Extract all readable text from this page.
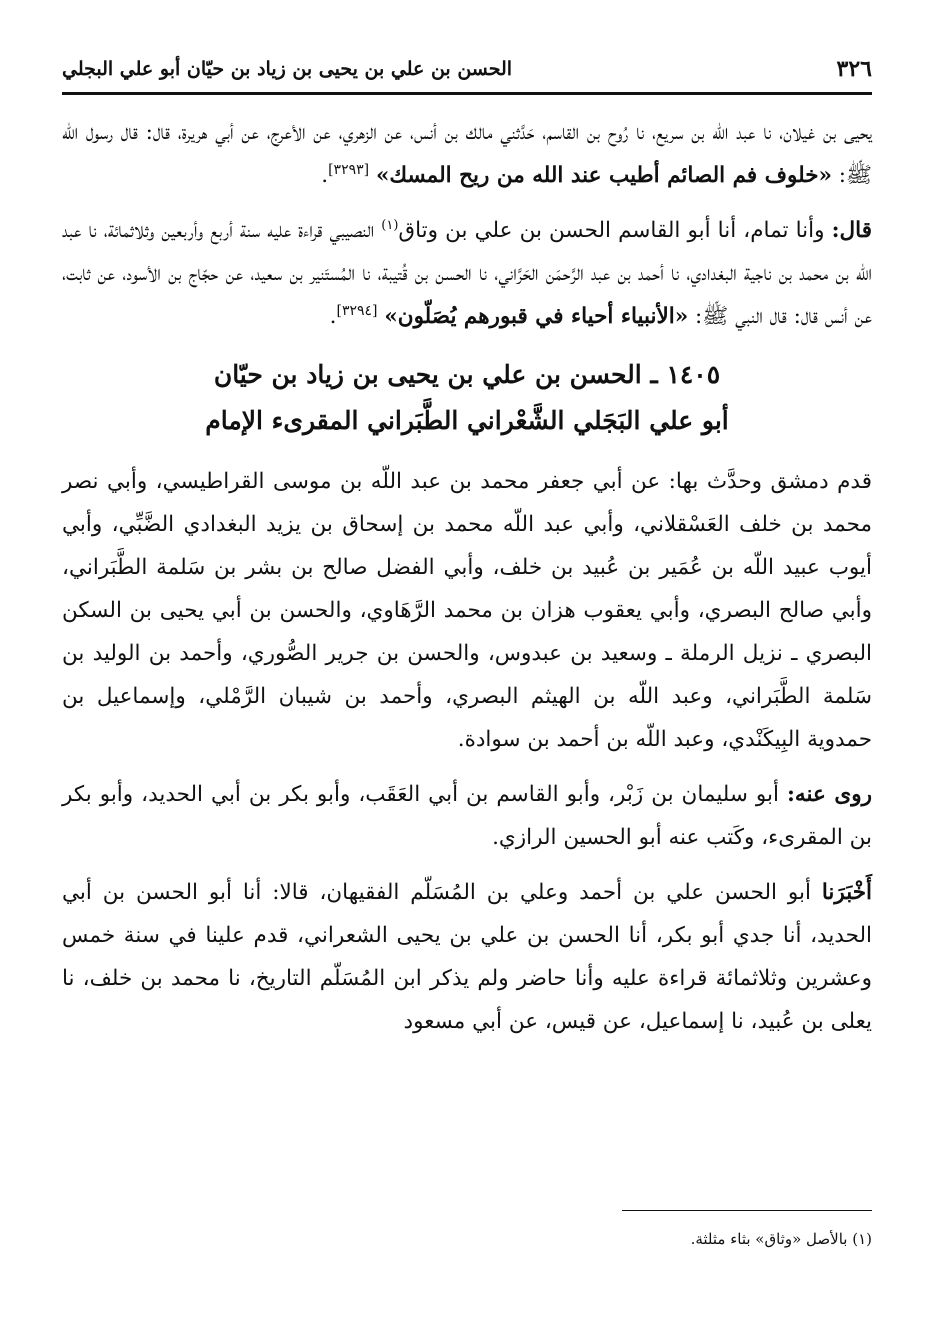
٣٢٦
الحسن بن علي بن يحيى بن زياد بن حيّان أبو علي البجلي

يحيى بن غيلان، نا عبد اللّه بن سريع، نا رُوح بن القاسم، حَدَّثني مالك بن أنس، عن الزهري، عن الأعرج، عن أبي هريرة، قال: قال رسول الله ﷺ: «خلوف فم الصائم أطيب عند الله من ريح المسك» [٣٢٩٣].

قال: وأنا تمام، أنا أبو القاسم الحسن بن علي بن وتاق$^{(١)}$ النصيبي قراءة عليه سنة أربع وأربعين وثلاثمائة، نا عبد اللّه بن محمد بن ناجية البغدادي، نا أحمد بن عبد الرَّحمَن الحَرَّاني، نا الحسن بن قُتيبة، نا المُستَنير بن سعيد، عن حجّاج بن الأسود، عن ثابت، عن أنس قال: قال النبي ﷺ: «الأنبياء أحياء في قبورهم يُصَلّون» [٣٢٩٤].

١٤٠٥ ـ الحسن بن علي بن يحيى بن زياد بن حيّان
أبو علي البَجَلي الشَّعْراني الطَّبَراني المقرىء الإمام

قدم دمشق وحدَّث بها: عن أبي جعفر محمد بن عبد اللّه بن موسى القراطيسي، وأبي نصر محمد بن خلف العَسْقلاني، وأبي عبد اللّه محمد بن إسحاق بن يزيد البغدادي الضَّبِّي، وأبي أيوب عبيد اللّه بن عُمَير بن عُبيد بن خلف، وأبي الفضل صالح بن بشر بن سَلمة الطَّبَراني، وأبي صالح البصري، وأبي يعقوب هزان بن محمد الرَّهَاوي، والحسن بن أبي يحيى بن السكن البصري ـ نزيل الرملة ـ وسعيد بن عبدوس، والحسن بن جرير الصُّوري، وأحمد بن الوليد بن سَلمة الطَّبَراني، وعبد اللّه بن الهيثم البصري، وأحمد بن شيبان الرَّمْلي، وإسماعيل بن حمدوية البِيكَنْدي، وعبد اللّه بن أحمد بن سوادة.

روى عنه: أبو سليمان بن زَبْر، وأبو القاسم بن أبي العَقَب، وأبو بكر بن أبي الحديد، وأبو بكر بن المقرىء، وكَتب عنه أبو الحسين الرازي.

أَخْبَرَنا أبو الحسن علي بن أحمد وعلي بن المُسَلّم الفقيهان، قالا: أنا أبو الحسن بن أبي الحديد، أنا جدي أبو بكر، أنا الحسن بن علي بن يحيى الشعراني، قدم علينا في سنة خمس وعشرين وثلاثمائة قراءة عليه وأنا حاضر ولم يذكر ابن المُسَلّم التاريخ، نا محمد بن خلف، نا يعلى بن عُبيد، نا إسماعيل، عن قيس، عن أبي مسعود

(١) بالأصل «وثاق» بثاء مثلثة.
